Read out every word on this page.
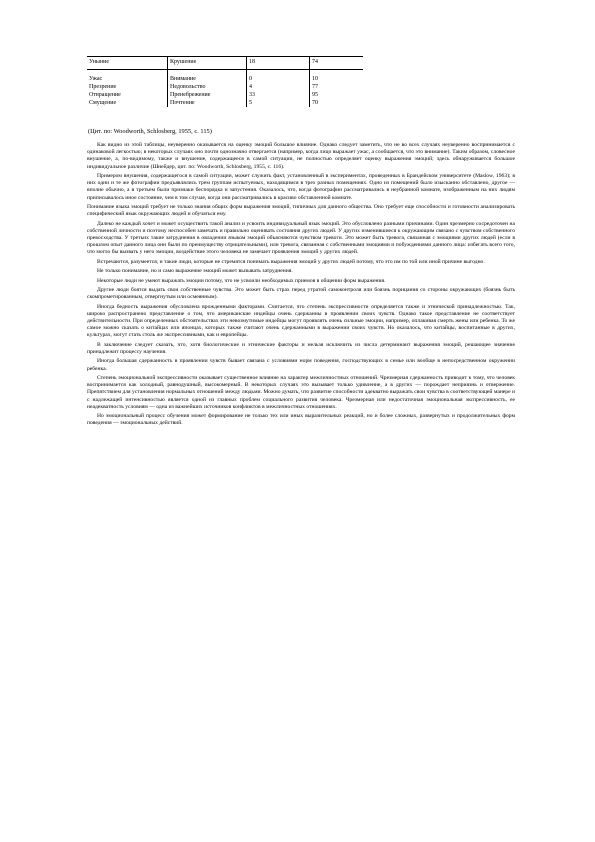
Уныние	Крушение	18	74

Ужас	Внимание	0	10
Презрение	Недовольство	4	77
Отвращение	Пренебрежение	33	95
Смущение	Почтение	5	70
(Цит. по: Woodworth, Schlosberg, 1955, с. 115)

Как видно из этой таблицы, неуверенно оказывается на оценку эмоций большое влияние. Однако следует заметить, что не во всех случаях неуверенно воспринимается с одинаковой легкостью; в некоторых случаях оно почти однозначно отвергается (например, когда лицо выражает ужас, а сообщается, что это внимание). Таким образом, словесное внушение, а, по-видимому, также и внушение, содержащееся в самой ситуации, не полностью определяет оценку выражения эмоций; здесь обнаруживается большое индивидуальное различие (Шнейдер, цит. по: Woodworth, Schlosberg, 1955, с. 116).

Примером внушения, содержащегося в самой ситуации, может служить факт, установленный в экспериментах, проведенных в Брандейском университете (Maslow, 1963); в них одни и те же фотографии предъявлялись трем группам испытуемых, находящимся в трех разных помещениях. Одно из помещений было изысканно обставлено, другое — вполне обычно, а в третьем были признаки беспорядка и запустения. Оказалось, что, когда фотографии рассматривались в неубранной комнате, изображенным на них людям приписывалось иное состояние, чем в том случае, когда они рассматривались в красиво обставленной комнате.

Понимание языка эмоций требует не только знания общих форм выражения эмоций, типичных для данного общества. Оно требует еще способности и готовности анализировать специфический язык окружающих людей и обучаться ему.

Далеко не каждый хочет и может осуществить такой анализ и усвоить индивидуальный язык эмоций. Это обусловлено разными причинами. Один чрезмерно сосредоточен на собственной личности и поэтому неспособен замечать и правильно оценивать состояния других людей. У других изменившиеся к окружающим связано с чувством собственного превосходства. У третьих такие затруднения в овладении языком эмоций объясняются чувством тревоги. Это может быть тревога, связанная с эмоциями других людей (если в прошлом опыт данного лица они были по преимуществу отрицательными), или тревога, связанная с собственными эмоциями и побуждениями данного лица: избегать всего того, что могло бы вызвать у него эмоции, воздействие этого человека не замечает проявления эмоций у других людей.

Встречаются, разумеется, и такие люди, которые не стремятся понимать выражения эмоций у других людей потому, что это им по той или иной причине выгодно.

Не только понимание, но и само выражение эмоций может вызывать затруднения.

Некоторые люди не умеют выражать эмоции потому, что не усвоили необходимых приемов в общении форм выражения.

Другие люди боятся выдать свои собственные чувства. Это может быть страх перед утратой самоконтроля или боязнь порицания со стороны окружающих (боязнь быть скомпрометированным, отвергнутым или осмеянным).

Иногда бедность выражения обусловлена врожденными факторами. Считается, что степень экспрессивности определяется также и этнической принадлежностью. Так, широко распространено представление о том, что американские индейцы очень сдержанны в проявлении своих чувств. Однако такое представление не соответствует действительности. При определенных обстоятельствах эти невозмутимые индейцы могут проявлять очень сильные эмоции, например, оплакивая смерть жены или ребенка. То же самое можно сказать о китайцах или японцах, которых также считают очень сдержанными в выражении своих чувств. Но оказалось, что китайцы, воспитанные в других, культурах, могут стать столь же экспрессивными, как и европейцы.

В заключение следует сказать, что, хотя биологические и этнические факторы и нельзя исключить из числа детерминант выражения эмоций, решающее значение принадлежит процессу научения.

Иногда большая сдержанность в проявлении чувств бывает связана с условиями норм поведения, господствующих в семье или вообще в непосредственном окружении ребенка.

Степень эмоциональной экспрессивности оказывает существенное влияние на характер межличностных отношений. Чрезмерная сдержанность приводит к тому, что человек воспринимается как холодный, равнодушный, высокомерный. В некоторых случаях это вызывает только удивление, а в других — порождает неприязнь и отвержение. Препятствием для установления нормальных отношений между людьми. Можно думать, что развитие способности адекватно выражать свои чувства в соответствующей манере и с надлежащей интенсивностью является одной из главных проблем социального развития человека. Чрезмерная или недостаточная эмоциональная экспрессивность, ее неадекватность условиям — одна из важнейших источников конфликтов в межличностных отношениях.

Но эмоциональный процесс обучения может формирование не только тех или иных выразительных реакций, но и более сложных, развернутых и продолжительных форм поведения — эмоциональных действий.
